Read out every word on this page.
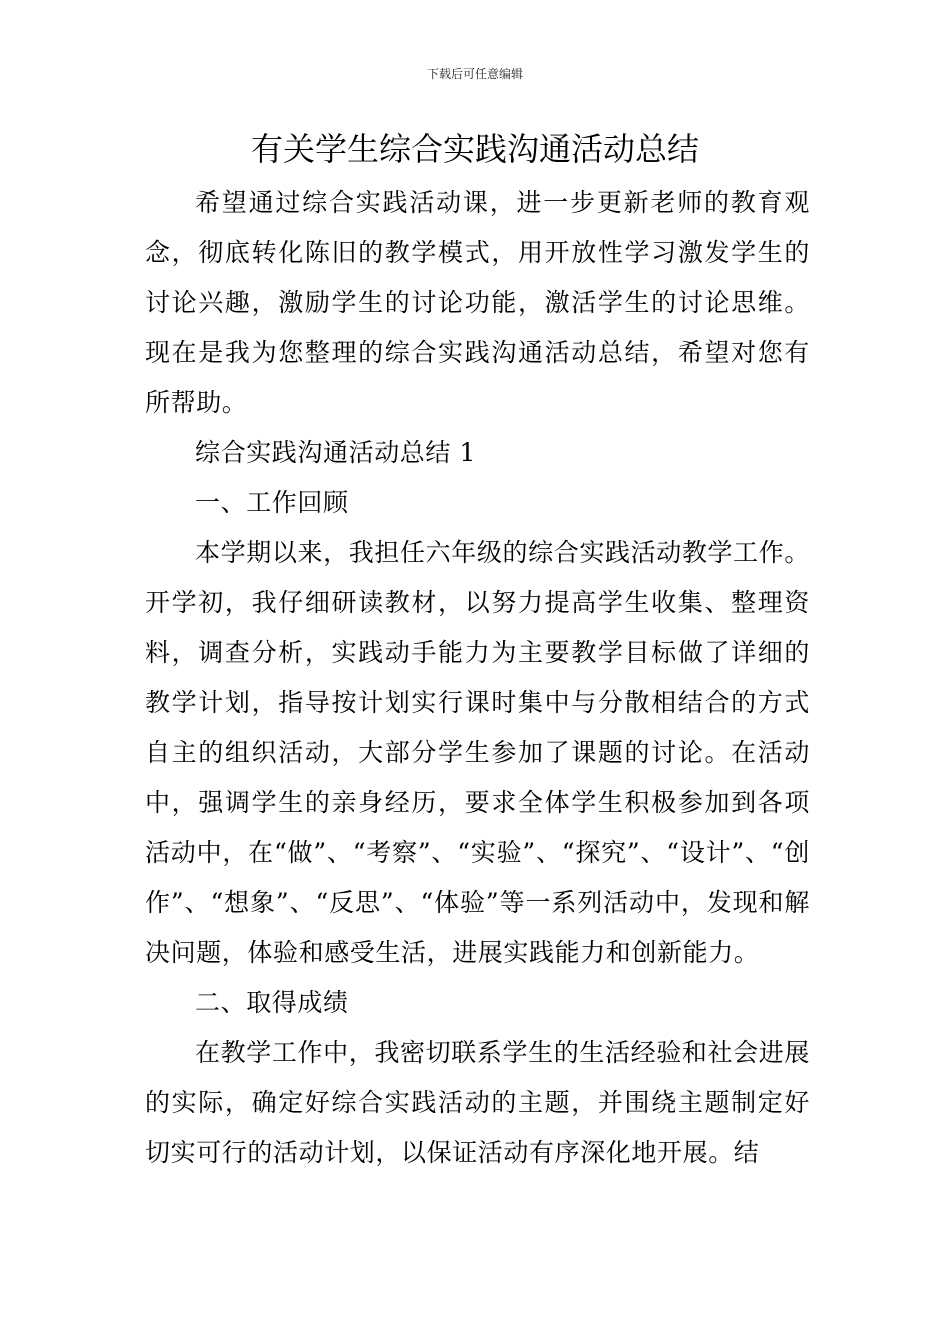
下载后可任意编辑
有关学生综合实践沟通活动总结

希望通过综合实践活动课，进一步更新老师的教育观念，彻底转化陈旧的教学模式，用开放性学习激发学生的讨论兴趣，激励学生的讨论功能，激活学生的讨论思维。现在是我为您整理的综合实践沟通活动总结，希望对您有所帮助。

综合实践沟通活动总结 1

一、工作回顾

本学期以来，我担任六年级的综合实践活动教学工作。开学初，我仔细研读教材，以努力提高学生收集、整理资料，调查分析，实践动手能力为主要教学目标做了详细的教学计划，指导按计划实行课时集中与分散相结合的方式自主的组织活动，大部分学生参加了课题的讨论。在活动中，强调学生的亲身经历，要求全体学生积极参加到各项活动中，在“做”、“考察”、“实验”、“探究”、“设计”、“创作”、“想象”、“反思”、“体验”等一系列活动中，发现和解决问题，体验和感受生活，进展实践能力和创新能力。

二、取得成绩

在教学工作中，我密切联系学生的生活经验和社会进展的实际，确定好综合实践活动的主题，并围绕主题制定好切实可行的活动计划，以保证活动有序深化地开展。结
